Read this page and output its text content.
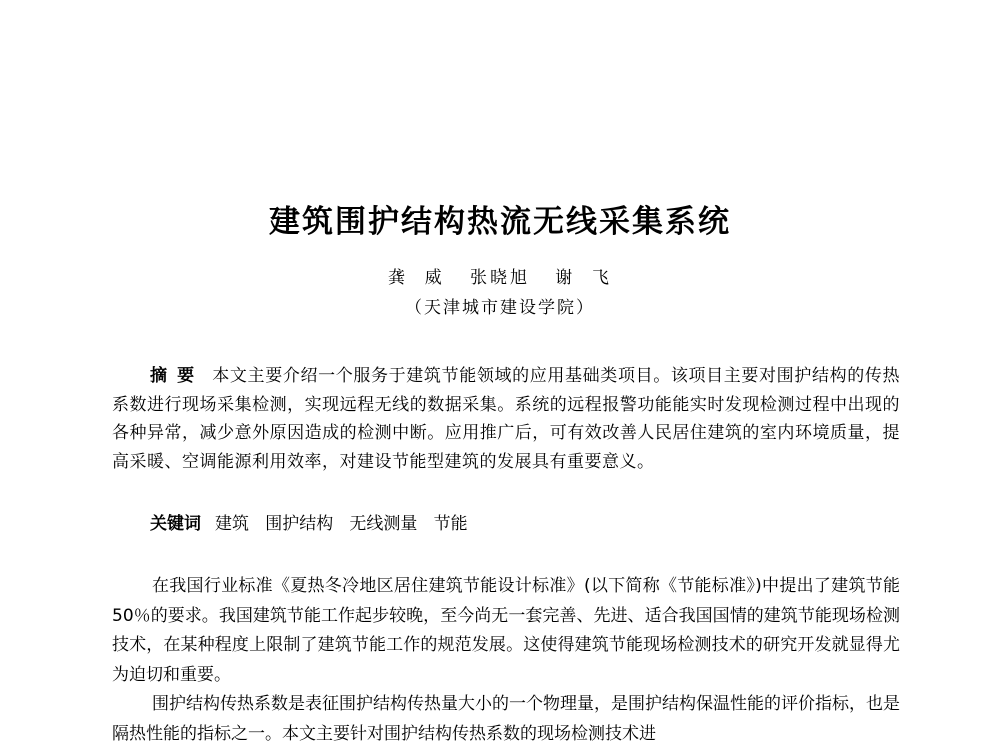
建筑围护结构热流无线采集系统
龚  威   张晓旭   谢  飞
（天津城市建设学院）

摘要 本文主要介绍一个服务于建筑节能领域的应用基础类项目。该项目主要对围护结构的传热系数进行现场采集检测，实现远程无线的数据采集。系统的远程报警功能能实时发现检测过程中出现的各种异常，减少意外原因造成的检测中断。应用推广后，可有效改善人民居住建筑的室内环境质量，提高采暖、空调能源利用效率，对建设节能型建筑的发展具有重要意义。

关键词 建筑   围护结构   无线测量   节能

在我国行业标准《夏热冬冷地区居住建筑节能设计标准》(以下简称《节能标准》)中提出了建筑节能 50％的要求。我国建筑节能工作起步较晚，至今尚无一套完善、先进、适合我国国情的建筑节能现场检测技术，在某种程度上限制了建筑节能工作的规范发展。这使得建筑节能现场检测技术的研究开发就显得尤为迫切和重要。

围护结构传热系数是表征围护结构传热量大小的一个物理量，是围护结构保温性能的评价指标，也是隔热性能的指标之一。本文主要针对围护结构传热系数的现场检测技术进
